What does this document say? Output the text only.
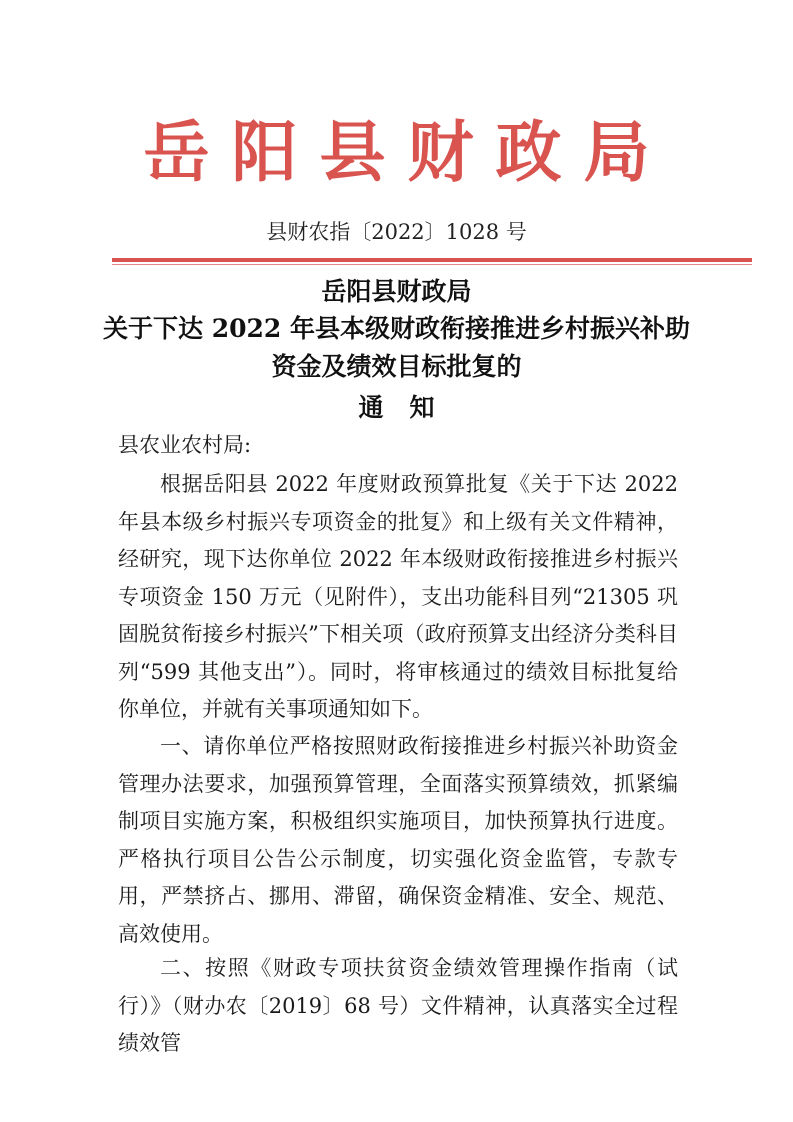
岳阳县财政局
县财农指〔2022〕1028 号
岳阳县财政局
关于下达 2022 年县本级财政衔接推进乡村振兴补助
资金及绩效目标批复的
通知
县农业农村局:
根据岳阳县 2022 年度财政预算批复《关于下达 2022 年县本级乡村振兴专项资金的批复》和上级有关文件精神，经研究，现下达你单位 2022 年本级财政衔接推进乡村振兴专项资金 150 万元（见附件），支出功能科目列“21305 巩固脱贫衔接乡村振兴”下相关项（政府预算支出经济分类科目列“599 其他支出”）。同时，将审核通过的绩效目标批复给你单位，并就有关事项通知如下。
一、请你单位严格按照财政衔接推进乡村振兴补助资金管理办法要求，加强预算管理，全面落实预算绩效，抓紧编制项目实施方案，积极组织实施项目，加快预算执行进度。严格执行项目公告公示制度，切实强化资金监管，专款专用，严禁挤占、挪用、滞留，确保资金精准、安全、规范、高效使用。
二、按照《财政专项扶贫资金绩效管理操作指南（试行）》（财办农〔2019〕68 号）文件精神，认真落实全过程绩效管
